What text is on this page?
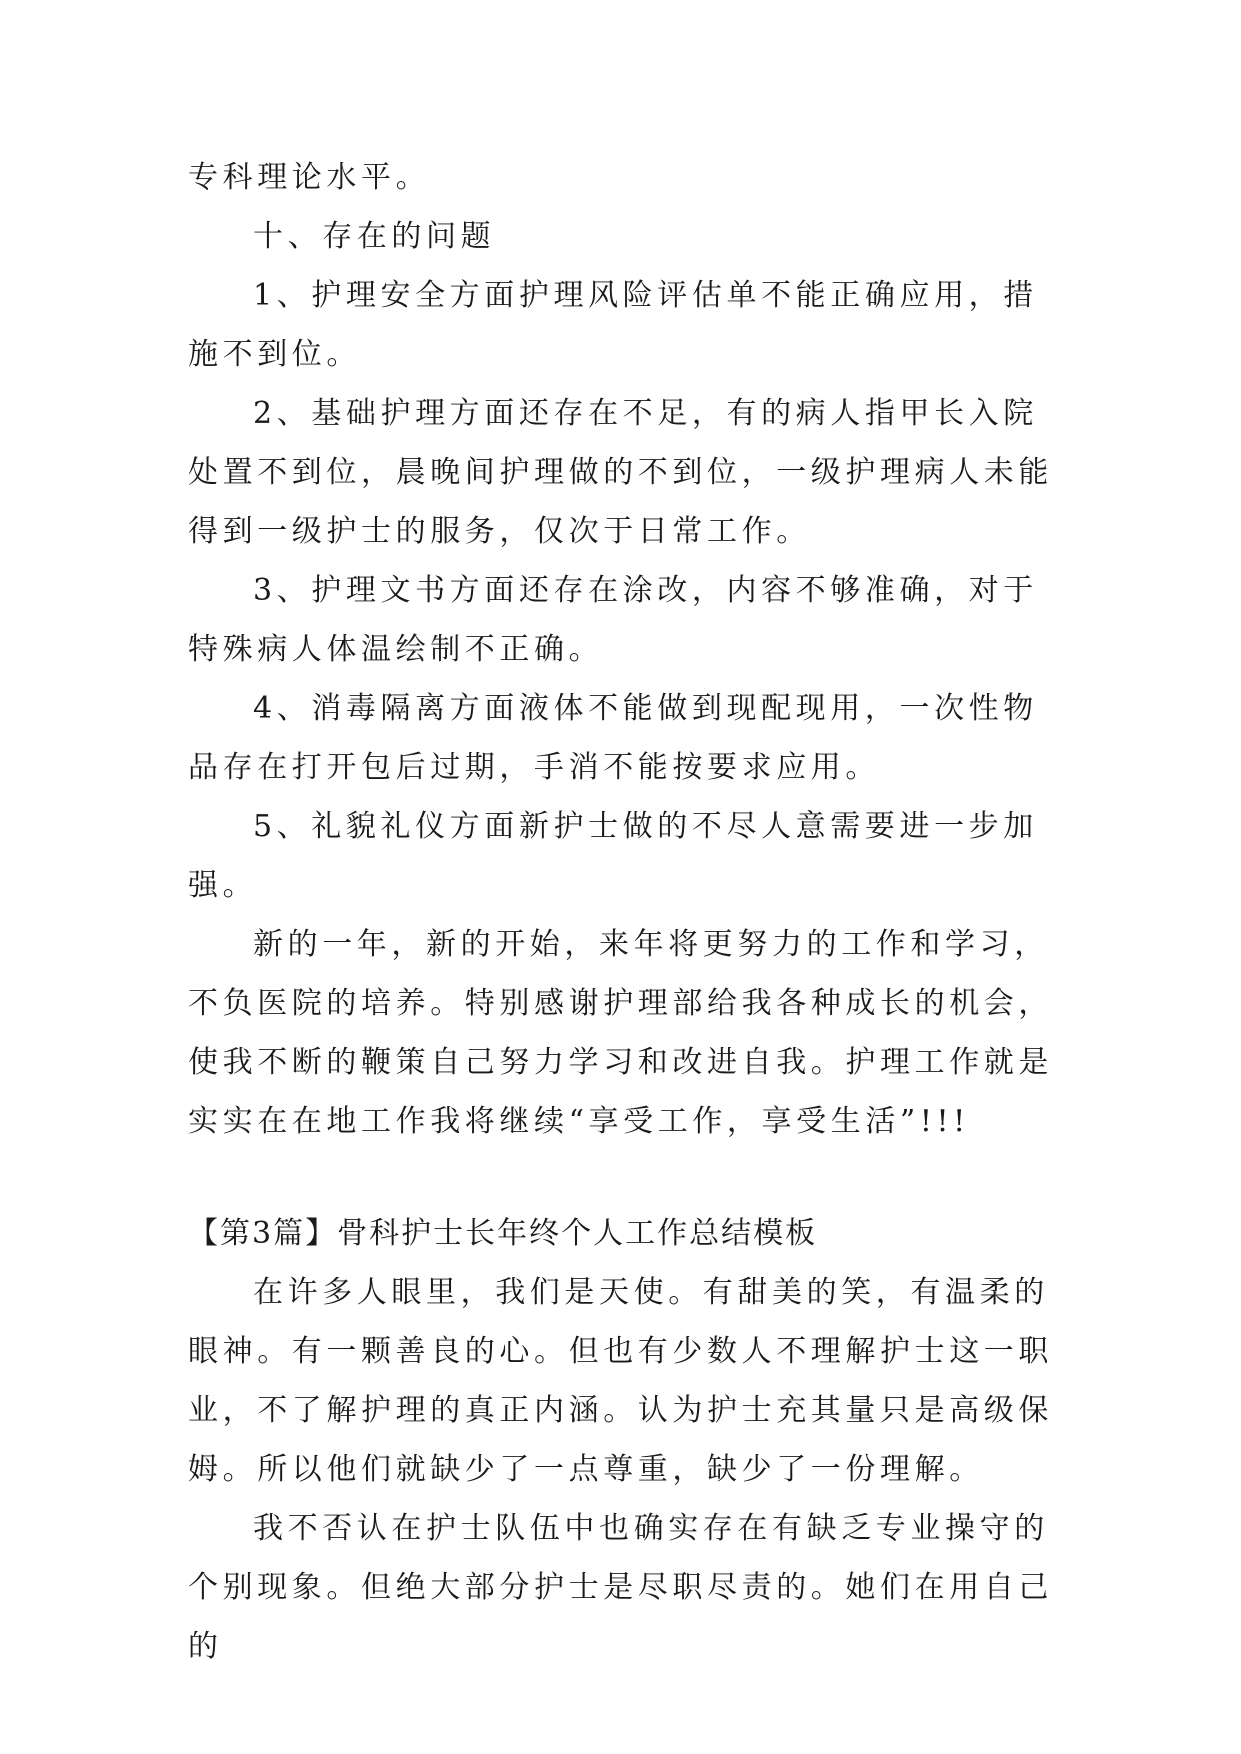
专科理论水平。

十、存在的问题

1、护理安全方面护理风险评估单不能正确应用，措施不到位。

2、基础护理方面还存在不足，有的病人指甲长入院处置不到位，晨晚间护理做的不到位，一级护理病人未能得到一级护士的服务，仅次于日常工作。

3、护理文书方面还存在涂改，内容不够准确，对于特殊病人体温绘制不正确。

4、消毒隔离方面液体不能做到现配现用，一次性物品存在打开包后过期，手消不能按要求应用。

5、礼貌礼仪方面新护士做的不尽人意需要进一步加强。

新的一年，新的开始，来年将更努力的工作和学习，不负医院的培养。特别感谢护理部给我各种成长的机会，使我不断的鞭策自己努力学习和改进自我。护理工作就是实实在在地工作我将继续“享受工作，享受生活”!!!

【第3篇】骨科护士长年终个人工作总结模板

在许多人眼里，我们是天使。有甜美的笑，有温柔的眼神。有一颗善良的心。但也有少数人不理解护士这一职业，不了解护理的真正内涵。认为护士充其量只是高级保姆。所以他们就缺少了一点尊重，缺少了一份理解。

我不否认在护士队伍中也确实存在有缺乏专业操守的个别现象。但绝大部分护士是尽职尽责的。她们在用自己的
